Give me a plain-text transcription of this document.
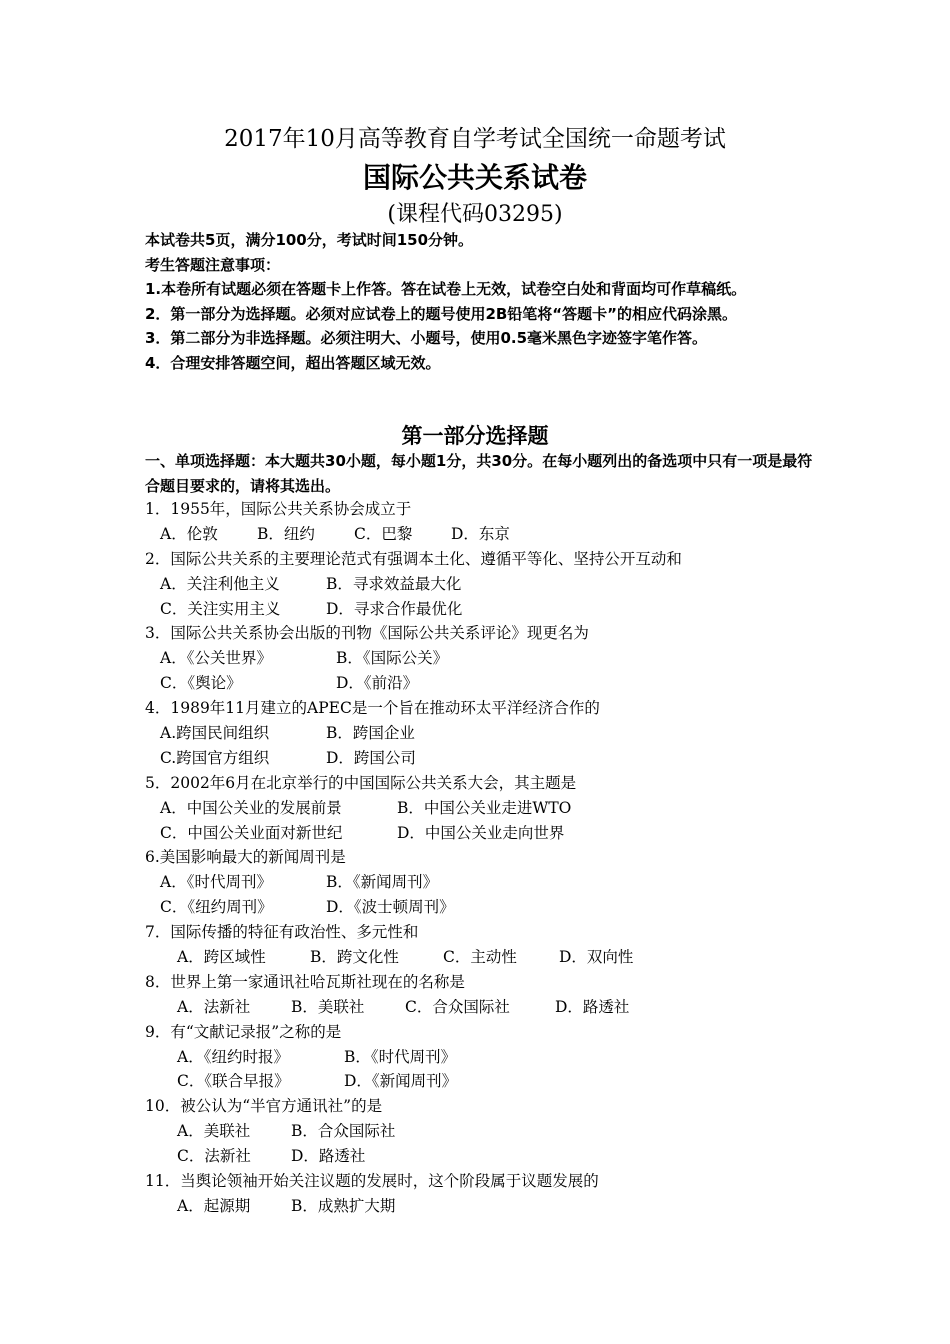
2017年10月高等教育自学考试全国统一命题考试
国际公共关系试卷
(课程代码03295)

本试卷共5页，满分100分，考试时间150分钟。

考生答题注意事项：

1.本卷所有试题必须在答题卡上作答。答在试卷上无效，试卷空白处和背面均可作草稿纸。

2．第一部分为选择题。必须对应试卷上的题号使用2B铅笔将“答题卡”的相应代码涂黑。

3．第二部分为非选择题。必须注明大、小题号，使用0.5毫米黑色字迹签字笔作答。

4．合理安排答题空间，超出答题区域无效。

第一部分选择题
一、单项选择题：本大题共30小题，每小题1分，共30分。在每小题列出的备选项中只有一项是最符合题目要求的，请将其选出。
1．1955年，国际公共关系协会成立于
A．伦敦	B．纽约	C．巴黎 D．东京
2．国际公共关系的主要理论范式有强调本土化、遵循平等化、坚持公开互动和
A．关注利他主义	B．寻求效益最大化
C．关注实用主义	D．寻求合作最优化
3．国际公共关系协会出版的刊物《国际公共关系评论》现更名为
A．《公关世界》	B．《国际公关》
C．《舆论》	D．《前沿》
4．1989年11月建立的APEC是一个旨在推动环太平洋经济合作的
A.跨国民间组织	B．跨国企业
C.跨国官方组织	D．跨国公司
5．2002年6月在北京举行的中国国际公共关系大会，其主题是
A．中国公关业的发展前景	B．中国公关业走进WTO
C．中国公关业面对新世纪	D．中国公关业走向世界
6.美国影响最大的新闻周刊是
A．《时代周刊》	B．《新闻周刊》
C．《纽约周刊》	D．《波士顿周刊》
7．国际传播的特征有政治性、多元性和
A．跨区域性	B．跨文化性	C．主动性	D．双向性
8．世界上第一家通讯社哈瓦斯社现在的名称是
A．法新社	B．美联社	C．合众国际社	D．路透社
9．有“文献记录报”之称的是
A．《纽约时报》	B．《时代周刊》
C．《联合早报》	D．《新闻周刊》
10．被公认为“半官方通讯社”的是
A．美联社	B．合众国际社
C．法新社	D．路透社
11．当舆论领袖开始关注议题的发展时，这个阶段属于议题发展的
A．起源期	B．成熟扩大期
